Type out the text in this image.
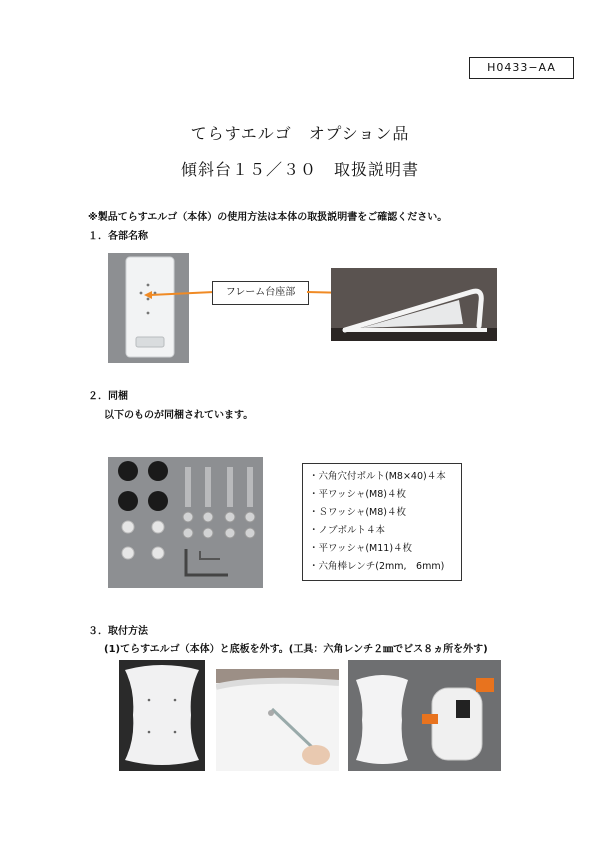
H0433−AA
てらすエルゴ　オプション品
傾斜台１５／３０　取扱説明書
※製品てらすエルゴ（本体）の使用方法は本体の取扱説明書をご確認ください。
１．各部名称
フレーム台座部
２．同梱
以下のものが同梱されています。
・六角穴付ボルト(M8×40)４本
・平ワッシャ(M8)４枚
・Ｓワッシャ(M8)４枚
・ノブボルト４本
・平ワッシャ(M11)４枚
・六角棒レンチ(2mm,　6mm)
３．取付方法
(1)てらすエルゴ（本体）と底板を外す。(工具：六角レンチ２㎜でビス８ヵ所を外す)
